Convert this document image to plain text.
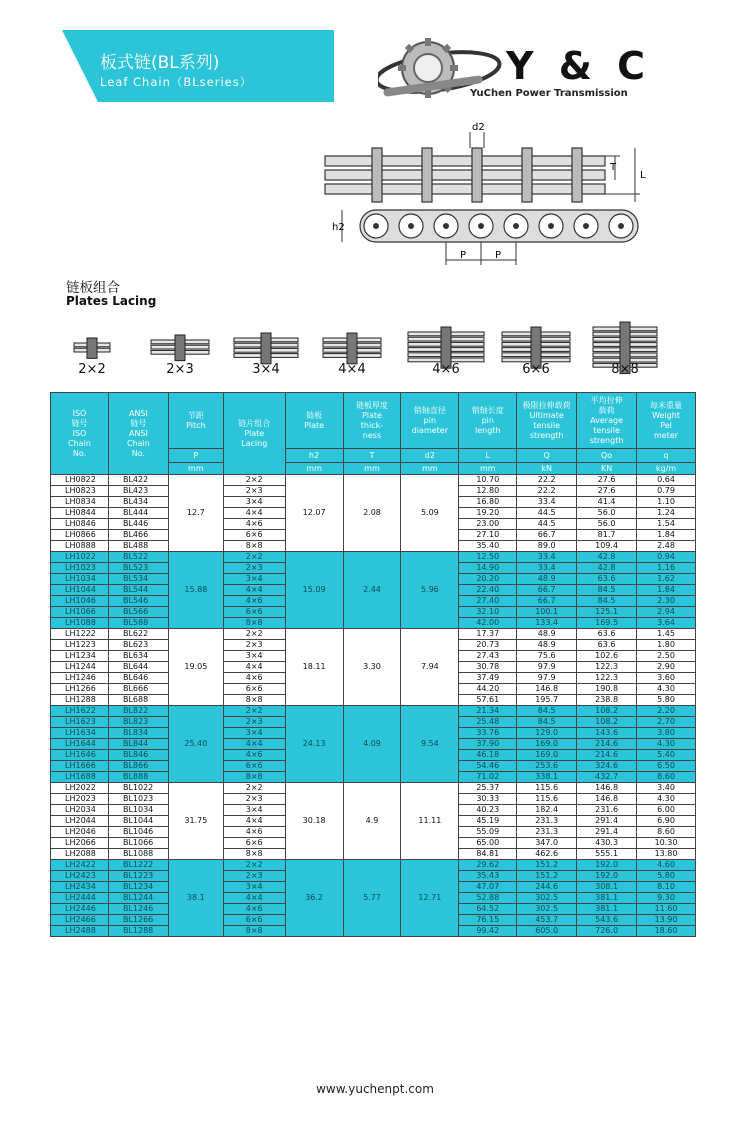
板式链(BL系列)
Leaf Chain（BLseries）	Y & C
YuChen Power Transmission
d2
T
L
h2
P	P
链板组合
Plates Lacing
2×2	2×3	3×4	4×4	4×6	6×6	8×8
ISO
链号
ISO
Chain
No.	ANSI
链号
ANSI
Chain
No.	节距
Pitch	链片组合
Plate
Lacing	链板
Plate	链板厚度
Plate
thick-
ness	销轴直径
pin
diameter	销轴长度
pin
length	极限拉伸载荷
Ultimate
tensile
strength	平均拉伸
载荷
Average
tensile
strength	每米重量
Weight
Pel
meter
		P		h2	T	d2	L	Q	Qo	q
		mm		mm	mm	mm	mm	kN	KN	kg/m
LH0822	BL422	12.7	2×2	12.07	2.08	5.09	10.70	22.2	27.6	0.64
LH0823	BL423		2×3				12.80	22.2	27.6	0.79
LH0834	BL434		3×4				16.80	33.4	41.4	1.10
LH0844	BL444		4×4				19.20	44.5	56.0	1.24
LH0846	BL446		4×6				23.00	44.5	56.0	1.54
LH0866	BL466		6×6				27.10	66.7	81.7	1.84
LH0888	BL488		8×8				35.40	89.0	109.4	2.48
LH1022	BL522	15.88	2×2	15.09	2.44	5.96	12.50	33.4	42.8	0.94
LH1023	BL523		2×3				14.90	33.4	42.8	1.16
LH1034	BL534		3×4				20.20	48.9	63.6	1.62
LH1044	BL544		4×4				22.40	66.7	84.5	1.84
LH1046	BL546		4×6				27.40	66.7	84.5	2.30
LH1066	BL566		6×6				32.10	100.1	125.1	2.94
LH1088	BL588		8×8				42.00	133.4	169.5	3.64
LH1222	BL622	19.05	2×2	18.11	3.30	7.94	17.37	48.9	63.6	1.45
LH1223	BL623		2×3				20.73	48.9	63.6	1.80
LH1234	BL634		3×4				27.43	75.6	102.6	2.50
LH1244	BL644		4×4				30.78	97.9	122.3	2.90
LH1246	BL646		4×6				37.49	97.9	122.3	3.60
LH1266	BL666		6×6				44.20	146.8	190.8	4.30
LH1288	BL688		8×8				57.61	195.7	238.8	5.80
LH1622	BL822	25.40	2×2	24.13	4.09	9.54	21.34	84.5	108.2	2.20
LH1623	BL823		2×3				25.48	84.5	108.2	2.70
LH1634	BL834		3×4				33.76	129.0	143.6	3.80
LH1644	BL844		4×4				37.90	169.0	214.6	4.30
LH1646	BL846		4×6				46.18	169.0	214.6	5.40
LH1666	BL866		6×6				54.46	253.6	324.6	6.50
LH1688	BL888		8×8				71.02	338.1	432.7	8.60
LH2022	BL1022	31.75	2×2	30.18	4.9	11.11	25.37	115.6	146.8	3.40
LH2023	BL1023		2×3				30.33	115.6	146.8	4.30
LH2034	BL1034		3×4				40.23	182.4	231.6	6.00
LH2044	BL1044		4×4				45.19	231.3	291.4	6.90
LH2046	BL1046		4×6				55.09	231.3	291.4	8.60
LH2066	BL1066		6×6				65.00	347.0	430.3	10.30
LH2088	BL1088		8×8				84.81	462.6	555.1	13.80
LH2422	BL1222	38.1	2×2	36.2	5.77	12.71	29.62	151.2	192.0	4.60
LH2423	BL1223		2×3				35.43	151.2	192.0	5.80
LH2434	BL1234		3×4				47.07	244.6	308.1	8.10
LH2444	BL1244		4×4				52.88	302.5	381.1	9.30
LH2446	BL1246		4×6				64.52	302.5	381.1	11.60
LH2466	BL1266		6×6				76.15	453.7	543.6	13.90
LH2488	BL1288		8×8				99.42	605.0	726.0	18.60
www.yuchenpt.com
